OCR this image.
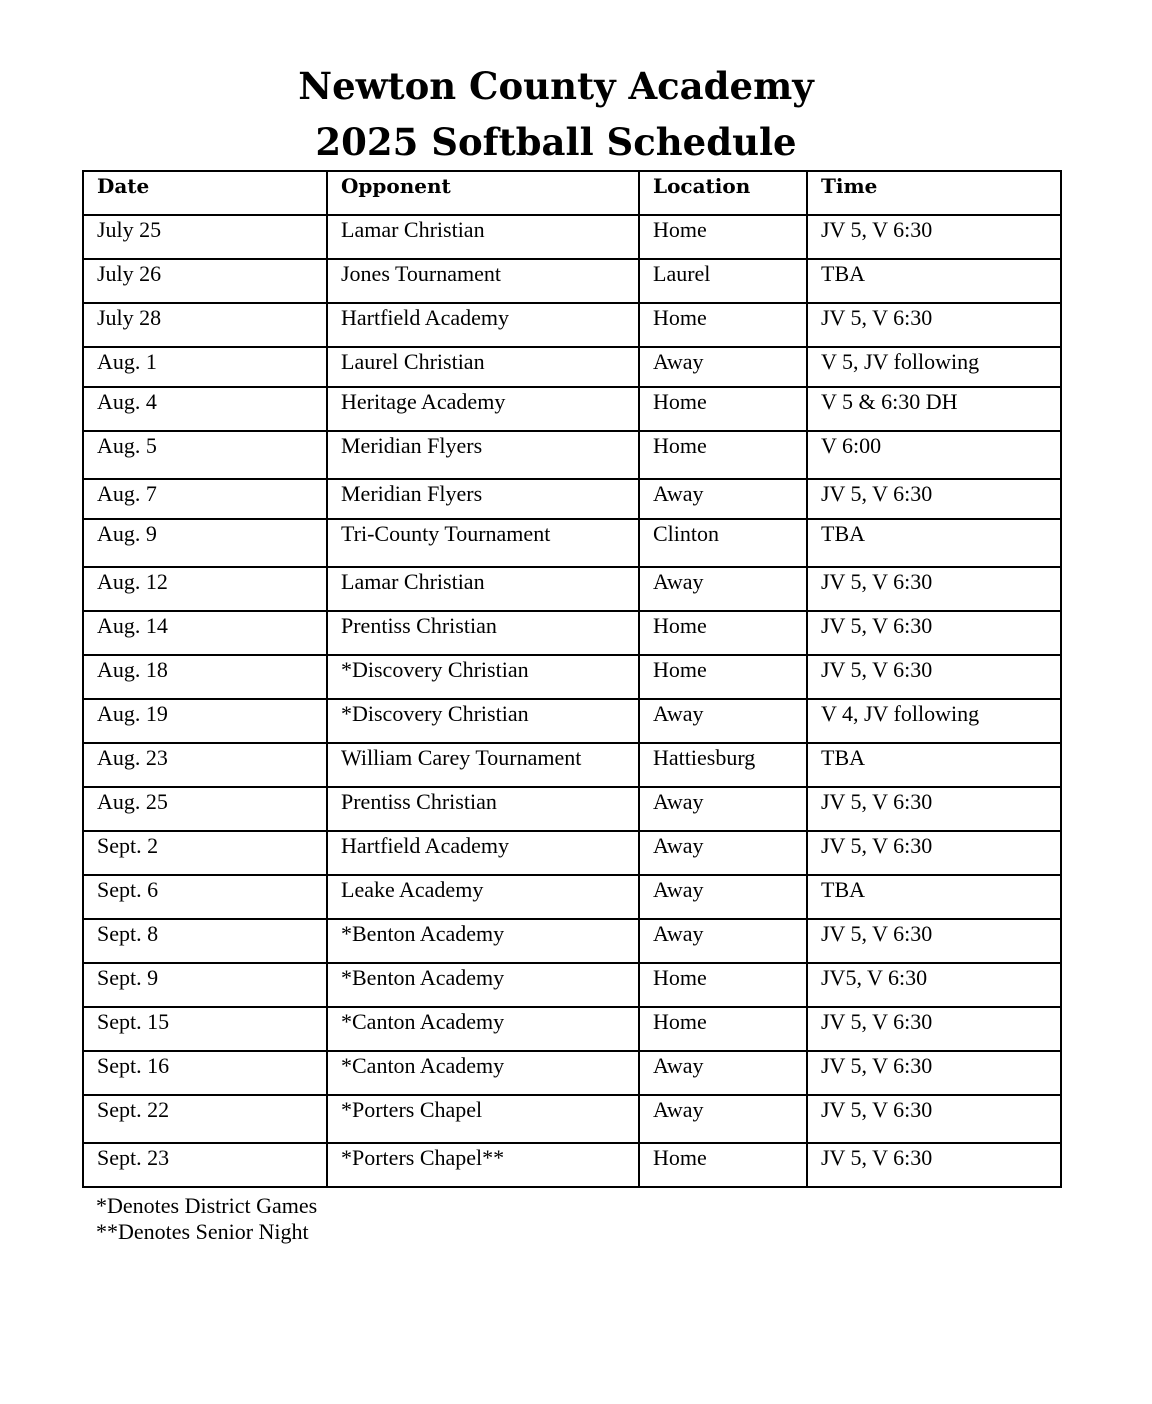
Newton County Academy
2025 Softball Schedule
Date	Opponent	Location	Time
July 25	Lamar Christian	Home	JV 5, V 6:30
July 26	Jones Tournament	Laurel	TBA
July 28	Hartfield Academy	Home	JV 5, V 6:30
Aug. 1	Laurel Christian	Away	V 5, JV following
Aug. 4	Heritage Academy	Home	V 5 & 6:30 DH
Aug. 5	Meridian Flyers	Home	V 6:00
Aug. 7	Meridian Flyers	Away	JV 5, V 6:30
Aug. 9	Tri-County Tournament	Clinton	TBA
Aug. 12	Lamar Christian	Away	JV 5, V 6:30
Aug. 14	Prentiss Christian	Home	JV 5, V 6:30
Aug. 18	*Discovery Christian	Home	JV 5, V 6:30
Aug. 19	*Discovery Christian	Away	V 4, JV following
Aug. 23	William Carey Tournament	Hattiesburg	TBA
Aug. 25	Prentiss Christian	Away	JV 5, V 6:30
Sept. 2	Hartfield Academy	Away	JV 5, V 6:30
Sept. 6	Leake Academy	Away	TBA
Sept. 8	*Benton Academy	Away	JV 5, V 6:30
Sept. 9	*Benton Academy	Home	JV5, V 6:30
Sept. 15	*Canton Academy	Home	JV 5, V 6:30
Sept. 16	*Canton Academy	Away	JV 5, V 6:30
Sept. 22	*Porters Chapel	Away	JV 5, V 6:30
Sept. 23	*Porters Chapel**	Home	JV 5, V 6:30
*Denotes District Games
**Denotes Senior Night
